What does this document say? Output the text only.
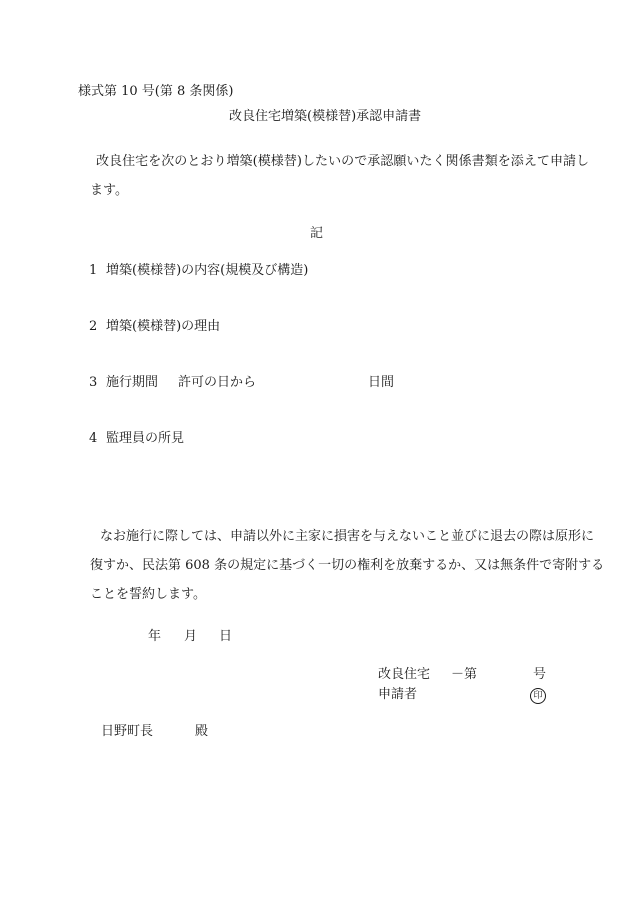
様式第 10 号(第 8 条関係)
改良住宅増築(模様替)承認申請書
改良住宅を次のとおり増築(模様替)したいので承認願いたく関係書類を添えて申請し
ます。
記
1 増築(模様替)の内容(規模及び構造)
2 増築(模様替)の理由
3 施行期間 許可の日から	日間
4 監理員の所見
なお施行に際しては、申請以外に主家に損害を与えないこと並びに退去の際は原形に
復すか、民法第 608 条の規定に基づく一切の権利を放棄するか、又は無条件で寄附する
ことを誓約します。
年 月 日
改良住宅 －第	号
申請者	印
日野町長	殿
